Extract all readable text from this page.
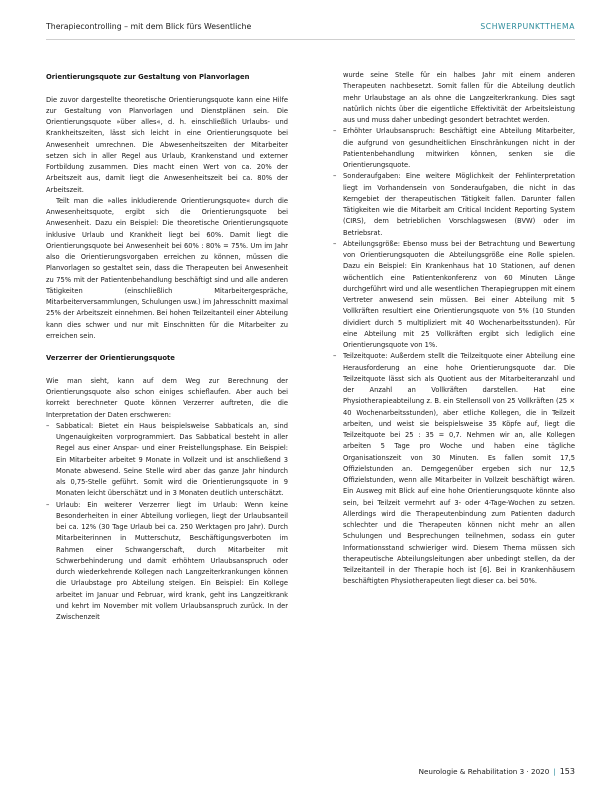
Therapiecontrolling – mit dem Blick fürs Wesentliche	SCHWERPUNKTTHEMA
Orientierungsquote zur Gestaltung von Planvorlagen

Die zuvor dargestellte theoretische Orientierungsquote kann eine Hilfe zur Gestaltung von Planvorlagen und Dienstplänen sein. Die Orientierungsquote »über alles«, d. h. einschließlich Urlaubs- und Krankheitszeiten, lässt sich leicht in eine Orientierungsquote bei Anwesenheit umrechnen. Die Abwesenheitszeiten der Mitarbeiter setzen sich in aller Regel aus Urlaub, Krankenstand und externer Fortbildung zusammen. Dies macht einen Wert von ca. 20% der Arbeitszeit aus, damit liegt die Anwesenheitszeit bei ca. 80% der Arbeitszeit.

Teilt man die »alles inkludierende Orientierungsquote« durch die Anwesenheitsquote, ergibt sich die Orientierungsquote bei Anwesenheit. Dazu ein Beispiel: Die theoretische Orientierungsquote inklusive Urlaub und Krankheit liegt bei 60%. Damit liegt die Orientierungsquote bei Anwesenheit bei 60% : 80% = 75%. Um im Jahr also die Orientierungsvorgaben erreichen zu können, müssen die Planvorlagen so gestaltet sein, dass die Therapeuten bei Anwesenheit zu 75% mit der Patientenbehandlung beschäftigt sind und alle anderen Tätigkeiten (einschließlich Mitarbeitergespräche, Mitarbeiterversammlungen, Schulungen usw.) im Jahresschnitt maximal 25% der Arbeitszeit einnehmen. Bei hohen Teilzeitanteil einer Abteilung kann dies schwer und nur mit Einschnitten für die Mitarbeiter zu erreichen sein.

Verzerrer der Orientierungsquote

Wie man sieht, kann auf dem Weg zur Berechnung der Orientierungsquote also schon einiges schieflaufen. Aber auch bei korrekt berechneter Quote können Verzerrer auftreten, die die Interpretation der Daten erschweren:

– Sabbatical: Bietet ein Haus beispielsweise Sabbaticals an, sind Ungenauigkeiten vorprogrammiert. Das Sabbatical besteht in aller Regel aus einer Anspar- und einer Freistellungsphase. Ein Beispiel: Ein Mitarbeiter arbeitet 9 Monate in Vollzeit und ist anschließend 3 Monate abwesend. Seine Stelle wird aber das ganze Jahr hindurch als 0,75-Stelle geführt. Somit wird die Orientierungsquote in 9 Monaten leicht überschätzt und in 3 Monaten deutlich unterschätzt.
– Urlaub: Ein weiterer Verzerrer liegt im Urlaub: Wenn keine Besonderheiten in einer Abteilung vorliegen, liegt der Urlaubsanteil bei ca. 12% (30 Tage Urlaub bei ca. 250 Werktagen pro Jahr). Durch Mitarbeiterinnen in Mutterschutz, Beschäftigungsverboten im Rahmen einer Schwangerschaft, durch Mitarbeiter mit Schwerbehinderung und damit erhöhtem Urlaubsanspruch oder durch wiederkehrende Kollegen nach Langzeiterkrankungen können die Urlaubstage pro Abteilung steigen. Ein Beispiel: Ein Kollege arbeitet im Januar und Februar, wird krank, geht ins Langzeitkrank und kehrt im November mit vollem Urlaubsanspruch zurück. In der Zwischenzeit

wurde seine Stelle für ein halbes Jahr mit einem anderen Therapeuten nachbesetzt. Somit fallen für die Abteilung deutlich mehr Urlaubstage an als ohne die Langzeiterkrankung. Dies sagt natürlich nichts über die eigentliche Effektivität der Arbeitsleistung aus und muss daher unbedingt gesondert betrachtet werden.

– Erhöhter Urlaubsanspruch: Beschäftigt eine Abteilung Mitarbeiter, die aufgrund von gesundheitlichen Einschränkungen nicht in der Patientenbehandlung mitwirken können, senken sie die Orientierungsquote.
– Sonderaufgaben: Eine weitere Möglichkeit der Fehlinterpretation liegt im Vorhandensein von Sonderaufgaben, die nicht in das Kerngebiet der therapeutischen Tätigkeit fallen. Darunter fallen Tätigkeiten wie die Mitarbeit am Critical Incident Reporting System (CIRS), dem betrieblichen Vorschlagswesen (BVW) oder im Betriebsrat.
– Abteilungsgröße: Ebenso muss bei der Betrachtung und Bewertung von Orientierungsquoten die Abteilungsgröße eine Rolle spielen. Dazu ein Beispiel: Ein Krankenhaus hat 10 Stationen, auf denen wöchentlich eine Patientenkonferenz von 60 Minuten Länge durchgeführt wird und alle wesentlichen Therapiegruppen mit einem Vertreter anwesend sein müssen. Bei einer Abteilung mit 5 Vollkräften resultiert eine Orientierungsquote von 5% (10 Stunden dividiert durch 5 multipliziert mit 40 Wochenarbeitsstunden). Für eine Abteilung mit 25 Vollkräften ergibt sich lediglich eine Orientierungsquote von 1%.
– Teilzeitquote: Außerdem stellt die Teilzeitquote einer Abteilung eine Herausforderung an eine hohe Orientierungsquote dar. Die Teilzeitquote lässt sich als Quotient aus der Mitarbeiteranzahl und der Anzahl an Vollkräften darstellen. Hat eine Physiotherapieabteilung z. B. ein Stellensoll von 25 Vollkräften (25 × 40 Wochenarbeitsstunden), aber etliche Kollegen, die in Teilzeit arbeiten, und weist sie beispielsweise 35 Köpfe auf, liegt die Teilzeitquote bei 25 : 35 = 0,7. Nehmen wir an, alle Kollegen arbeiten 5 Tage pro Woche und haben eine tägliche Organisationszeit von 30 Minuten. Es fallen somit 17,5 Offizielstunden an. Demgegenüber ergeben sich nur 12,5 Offizielstunden, wenn alle Mitarbeiter in Vollzeit beschäftigt wären. Ein Ausweg mit Blick auf eine hohe Orientierungsquote könnte also sein, bei Teilzeit vermehrt auf 3- oder 4-Tage-Wochen zu setzen. Allerdings wird die Therapeutenbindung zum Patienten dadurch schlechter und die Therapeuten können nicht mehr an allen Schulungen und Besprechungen teilnehmen, sodass ein guter Informationsstand schwieriger wird. Diesem Thema müssen sich therapeutische Abteilungsleitungen aber unbedingt stellen, da der Teilzeitanteil in der Therapie hoch ist [6]. Bei in Krankenhäusern beschäftigten Physiotherapeuten liegt dieser ca. bei 50%.
Neurologie & Rehabilitation 3 · 2020 | 153
